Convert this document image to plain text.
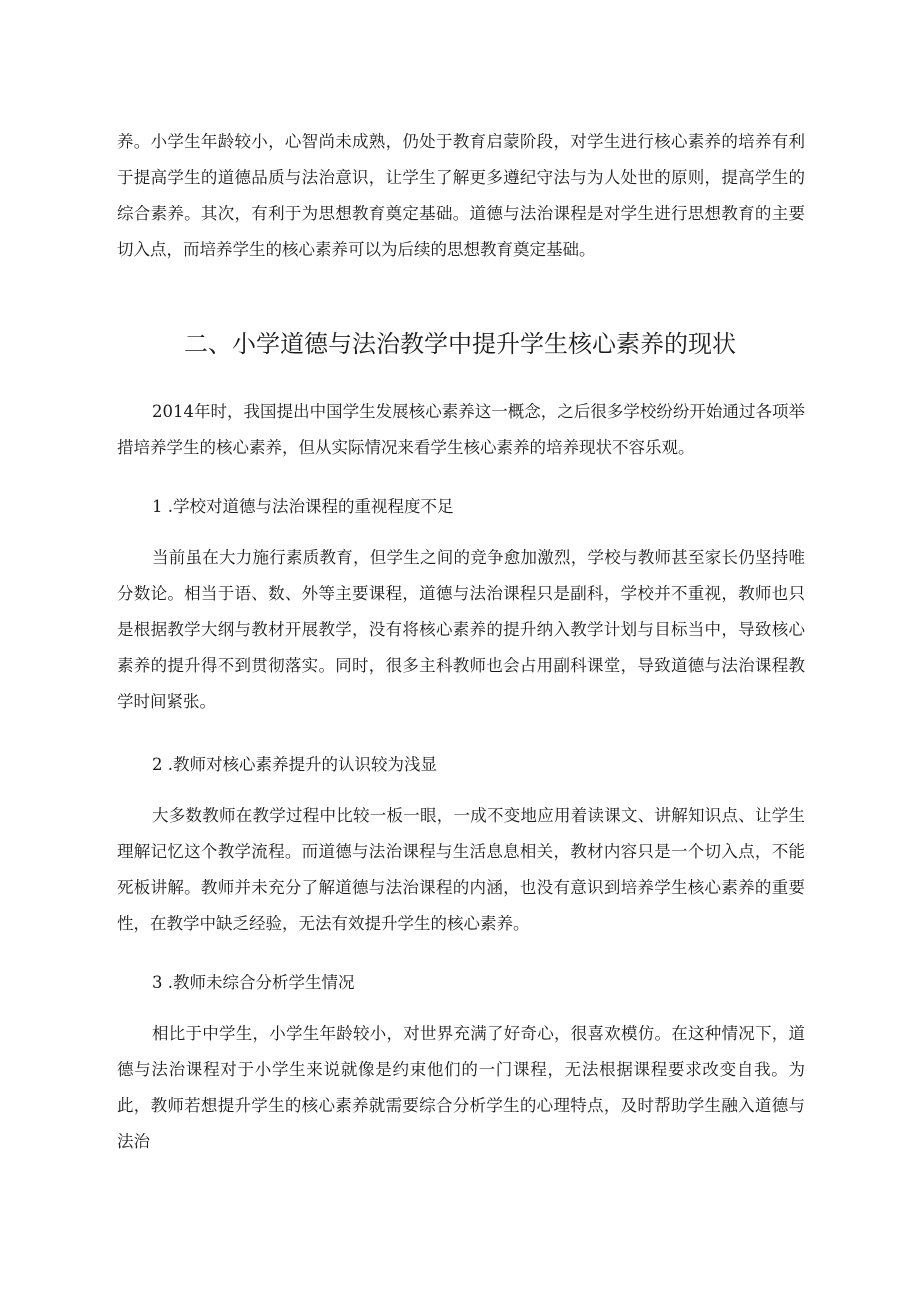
养。小学生年龄较小，心智尚未成熟，仍处于教育启蒙阶段，对学生进行核心素养的培养有利于提高学生的道德品质与法治意识，让学生了解更多遵纪守法与为人处世的原则，提高学生的综合素养。其次，有利于为思想教育奠定基础。道德与法治课程是对学生进行思想教育的主要切入点，而培养学生的核心素养可以为后续的思想教育奠定基础。

二、小学道德与法治教学中提升学生核心素养的现状

2014年时，我国提出中国学生发展核心素养这一概念，之后很多学校纷纷开始通过各项举措培养学生的核心素养，但从实际情况来看学生核心素养的培养现状不容乐观。

1 .学校对道德与法治课程的重视程度不足

当前虽在大力施行素质教育，但学生之间的竞争愈加激烈，学校与教师甚至家长仍坚持唯分数论。相当于语、数、外等主要课程，道德与法治课程只是副科，学校并不重视，教师也只是根据教学大纲与教材开展教学，没有将核心素养的提升纳入教学计划与目标当中，导致核心素养的提升得不到贯彻落实。同时，很多主科教师也会占用副科课堂，导致道德与法治课程教学时间紧张。

2 .教师对核心素养提升的认识较为浅显

大多数教师在教学过程中比较一板一眼，一成不变地应用着读课文、讲解知识点、让学生理解记忆这个教学流程。而道德与法治课程与生活息息相关，教材内容只是一个切入点，不能死板讲解。教师并未充分了解道德与法治课程的内涵，也没有意识到培养学生核心素养的重要性，在教学中缺乏经验，无法有效提升学生的核心素养。

3 .教师未综合分析学生情况

相比于中学生，小学生年龄较小，对世界充满了好奇心，很喜欢模仿。在这种情况下，道德与法治课程对于小学生来说就像是约束他们的一门课程，无法根据课程要求改变自我。为此，教师若想提升学生的核心素养就需要综合分析学生的心理特点，及时帮助学生融入道德与法治
